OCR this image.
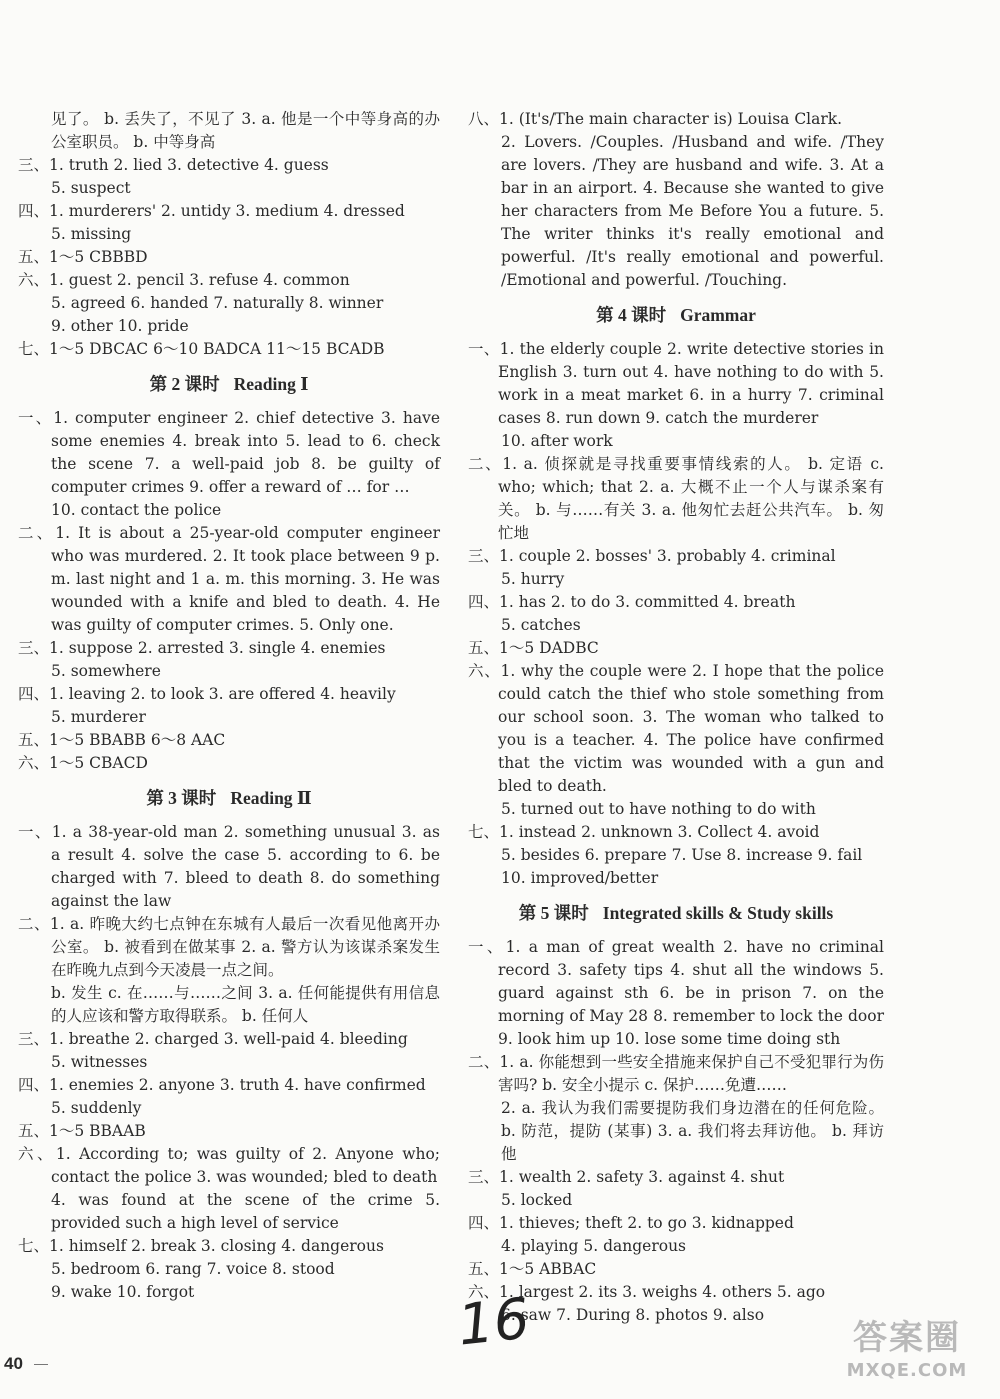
见了。 b. 丢失了，不见了 3. a. 他是一个中等身高的办公室职员。 b. 中等身高

三、1. truth 2. lied 3. detective 4. guess

5. suspect

四、1. murderers' 2. untidy 3. medium 4. dressed

5. missing

五、1～5 CBBBD

六、1. guest 2. pencil 3. refuse 4. common

5. agreed 6. handed 7. naturally 8. winner

9. other 10. pride

七、1～5 DBCAC 6～10 BADCA 11～15 BCADB

第 2 课时 Reading Ⅰ

一、1. computer engineer 2. chief detective 3. have some enemies 4. break into 5. lead to 6. check the scene 7. a well-paid job 8. be guilty of computer crimes 9. offer a reward of … for …

10. contact the police

二、1. It is about a 25-year-old computer engineer who was murdered. 2. It took place between 9 p. m. last night and 1 a. m. this morning. 3. He was wounded with a knife and bled to death. 4. He was guilty of computer crimes. 5. Only one.

三、1. suppose 2. arrested 3. single 4. enemies

5. somewhere

四、1. leaving 2. to look 3. are offered 4. heavily

5. murderer

五、1～5 BBABB 6～8 AAC

六、1～5 CBACD

第 3 课时 Reading Ⅱ

一、1. a 38-year-old man 2. something unusual 3. as a result 4. solve the case 5. according to 6. be charged with 7. bleed to death 8. do something against the law

二、1. a. 昨晚大约七点钟在东城有人最后一次看见他离开办公室。 b. 被看到在做某事 2. a. 警方认为该谋杀案发生在昨晚九点到今天凌晨一点之间。

b. 发生 c. 在……与……之间 3. a. 任何能提供有用信息的人应该和警方取得联系。 b. 任何人

三、1. breathe 2. charged 3. well-paid 4. bleeding

5. witnesses

四、1. enemies 2. anyone 3. truth 4. have confirmed

5. suddenly

五、1～5 BBAAB

六、1. According to; was guilty of 2. Anyone who; contact the police 3. was wounded; bled to death

4. was found at the scene of the crime 5. provided such a high level of service

七、1. himself 2. break 3. closing 4. dangerous

5. bedroom 6. rang 7. voice 8. stood

9. wake 10. forgot

八、1. (It's/The main character is) Louisa Clark.

2. Lovers. /Couples. /Husband and wife. /They are lovers. /They are husband and wife. 3. At a bar in an airport. 4. Because she wanted to give her characters from Me Before You a future. 5. The writer thinks it's really emotional and powerful. /It's really emotional and powerful. /Emotional and powerful. /Touching.

第 4 课时 Grammar

一、1. the elderly couple 2. write detective stories in English 3. turn out 4. have nothing to do with 5. work in a meat market 6. in a hurry 7. criminal cases 8. run down 9. catch the murderer

10. after work

二、1. a. 侦探就是寻找重要事情线索的人。 b. 定语 c. who; which; that 2. a. 大概不止一个人与谋杀案有关。 b. 与……有关 3. a. 他匆忙去赶公共汽车。 b. 匆忙地

三、1. couple 2. bosses' 3. probably 4. criminal

5. hurry

四、1. has 2. to do 3. committed 4. breath

5. catches

五、1～5 DADBC

六、1. why the couple were 2. I hope that the police could catch the thief who stole something from our school soon. 3. The woman who talked to you is a teacher. 4. The police have confirmed that the victim was wounded with a gun and bled to death.

5. turned out to have nothing to do with

七、1. instead 2. unknown 3. Collect 4. avoid

5. besides 6. prepare 7. Use 8. increase 9. fail

10. improved/better

第 5 课时 Integrated skills & Study skills

一、1. a man of great wealth 2. have no criminal record 3. safety tips 4. shut all the windows 5. guard against sth 6. be in prison 7. on the morning of May 28 8. remember to lock the door 9. look him up 10. lose some time doing sth

二、1. a. 你能想到一些安全措施来保护自己不受犯罪行为伤害吗? b. 安全小提示 c. 保护……免遭……

2. a. 我认为我们需要提防我们身边潜在的任何危险。 b. 防范，提防 (某事) 3. a. 我们将去拜访他。 b. 拜访他

三、1. wealth 2. safety 3. against 4. shut

5. locked

四、1. thieves; theft 2. to go 3. kidnapped

4. playing 5. dangerous

五、1～5 ABBAC

六、1. largest 2. its 3. weighs 4. others 5. ago

6. saw 7. During 8. photos 9. also

40
16	答案圈
MXQE.COM
